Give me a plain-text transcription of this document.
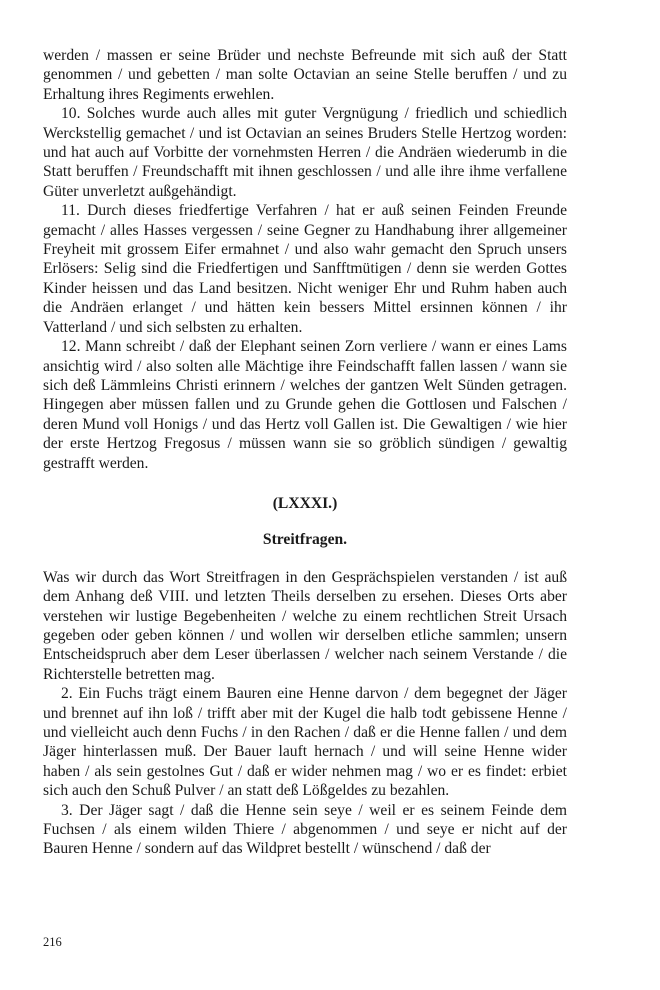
werden / massen er seine Brüder und nechste Befreunde mit sich auß der Statt genommen / und gebetten / man solte Octavian an seine Stelle beruffen / und zu Erhaltung ihres Regiments erwehlen.

10. Solches wurde auch alles mit guter Vergnügung / friedlich und schiedlich Werckstellig gemachet / und ist Octavian an seines Bruders Stelle Hertzog worden: und hat auch auf Vorbitte der vornehmsten Herren / die Andräen wiederumb in die Statt beruffen / Freundschafft mit ihnen geschlossen / und alle ihre ihme verfallene Güter unverletzt außgehändigt.

11. Durch dieses friedfertige Verfahren / hat er auß seinen Feinden Freunde gemacht / alles Hasses vergessen / seine Gegner zu Handhabung ihrer allgemeiner Freyheit mit grossem Eifer ermahnet / und also wahr gemacht den Spruch unsers Erlösers: Selig sind die Friedfertigen und Sanfftmütigen / denn sie werden Gottes Kinder heissen und das Land besitzen. Nicht weniger Ehr und Ruhm haben auch die Andräen erlanget / und hätten kein bessers Mittel ersinnen können / ihr Vatterland / und sich selbsten zu erhalten.

12. Mann schreibt / daß der Elephant seinen Zorn verliere / wann er eines Lams ansichtig wird / also solten alle Mächtige ihre Feindschafft fallen lassen / wann sie sich deß Lämmleins Christi erinnern / welches der gantzen Welt Sünden getragen. Hingegen aber müssen fallen und zu Grunde gehen die Gottlosen und Falschen / deren Mund voll Honigs / und das Hertz voll Gallen ist. Die Gewaltigen / wie hier der erste Hertzog Fregosus / müssen wann sie so gröblich sündigen / gewaltig gestrafft werden.

(LXXXI.)

Streitfragen.

Was wir durch das Wort Streitfragen in den Gesprächspielen verstanden / ist auß dem Anhang deß VIII. und letzten Theils derselben zu ersehen. Dieses Orts aber verstehen wir lustige Begebenheiten / welche zu einem rechtlichen Streit Ursach gegeben oder geben können / und wollen wir derselben etliche sammlen; unsern Entscheidspruch aber dem Leser überlassen / welcher nach seinem Verstande / die Richterstelle betretten mag.

2. Ein Fuchs trägt einem Bauren eine Henne darvon / dem begegnet der Jäger und brennet auf ihn loß / trifft aber mit der Kugel die halb todt gebissene Henne / und vielleicht auch denn Fuchs / in den Rachen / daß er die Henne fallen / und dem Jäger hinterlassen muß. Der Bauer lauft hernach / und will seine Henne wider haben / als sein gestolnes Gut / daß er wider nehmen mag / wo er es findet: erbiet sich auch den Schuß Pulver / an statt deß Lößgeldes zu bezahlen.

3. Der Jäger sagt / daß die Henne sein seye / weil er es seinem Feinde dem Fuchsen / als einem wilden Thiere / abgenommen / und seye er nicht auf der Bauren Henne / sondern auf das Wildpret bestellt / wünschend / daß der

216
